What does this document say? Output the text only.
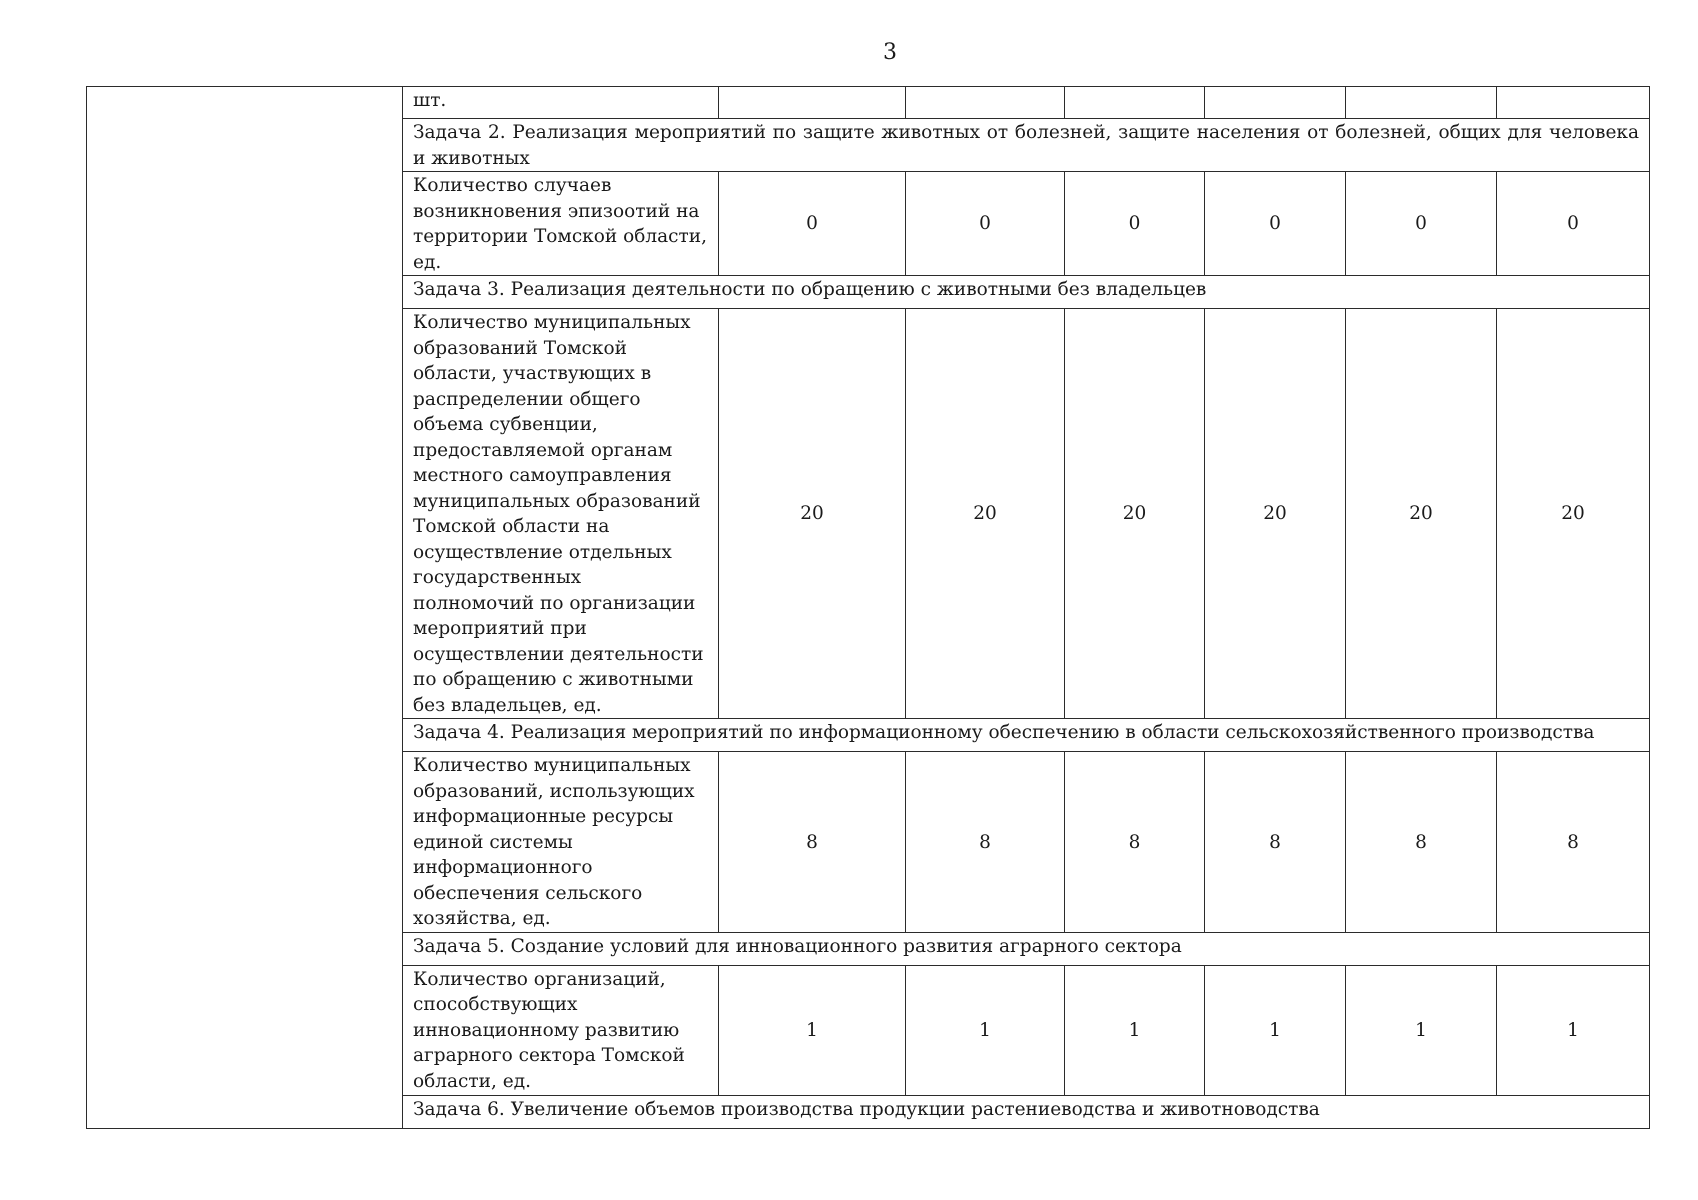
3
	шт.						
	Задача 2. Реализация мероприятий по защите животных от болезней, защите населения от болезней, общих для человека и животных						
	Количество случаев возникновения эпизоотий на территории Томской области, ед.	0	0	0	0	0	0
	Задача 3. Реализация деятельности по обращению с животными без владельцев						
	Количество муниципальных образований Томской области, участвующих в распределении общего объема субвенции, предоставляемой органам местного самоуправления муниципальных образований Томской области на осуществление отдельных государственных полномочий по организации мероприятий при осуществлении деятельности по обращению с животными без владельцев, ед.	20	20	20	20	20	20
	Задача 4. Реализация мероприятий по информационному обеспечению в области сельскохозяйственного производства						
	Количество муниципальных образований, использующих информационные ресурсы единой системы информационного обеспечения сельского хозяйства, ед.	8	8	8	8	8	8
	Задача 5. Создание условий для инновационного развития аграрного сектора						
	Количество организаций, способствующих инновационному развитию аграрного сектора Томской области, ед.	1	1	1	1	1	1
	Задача 6. Увеличение объемов производства продукции растениеводства и животноводства						
